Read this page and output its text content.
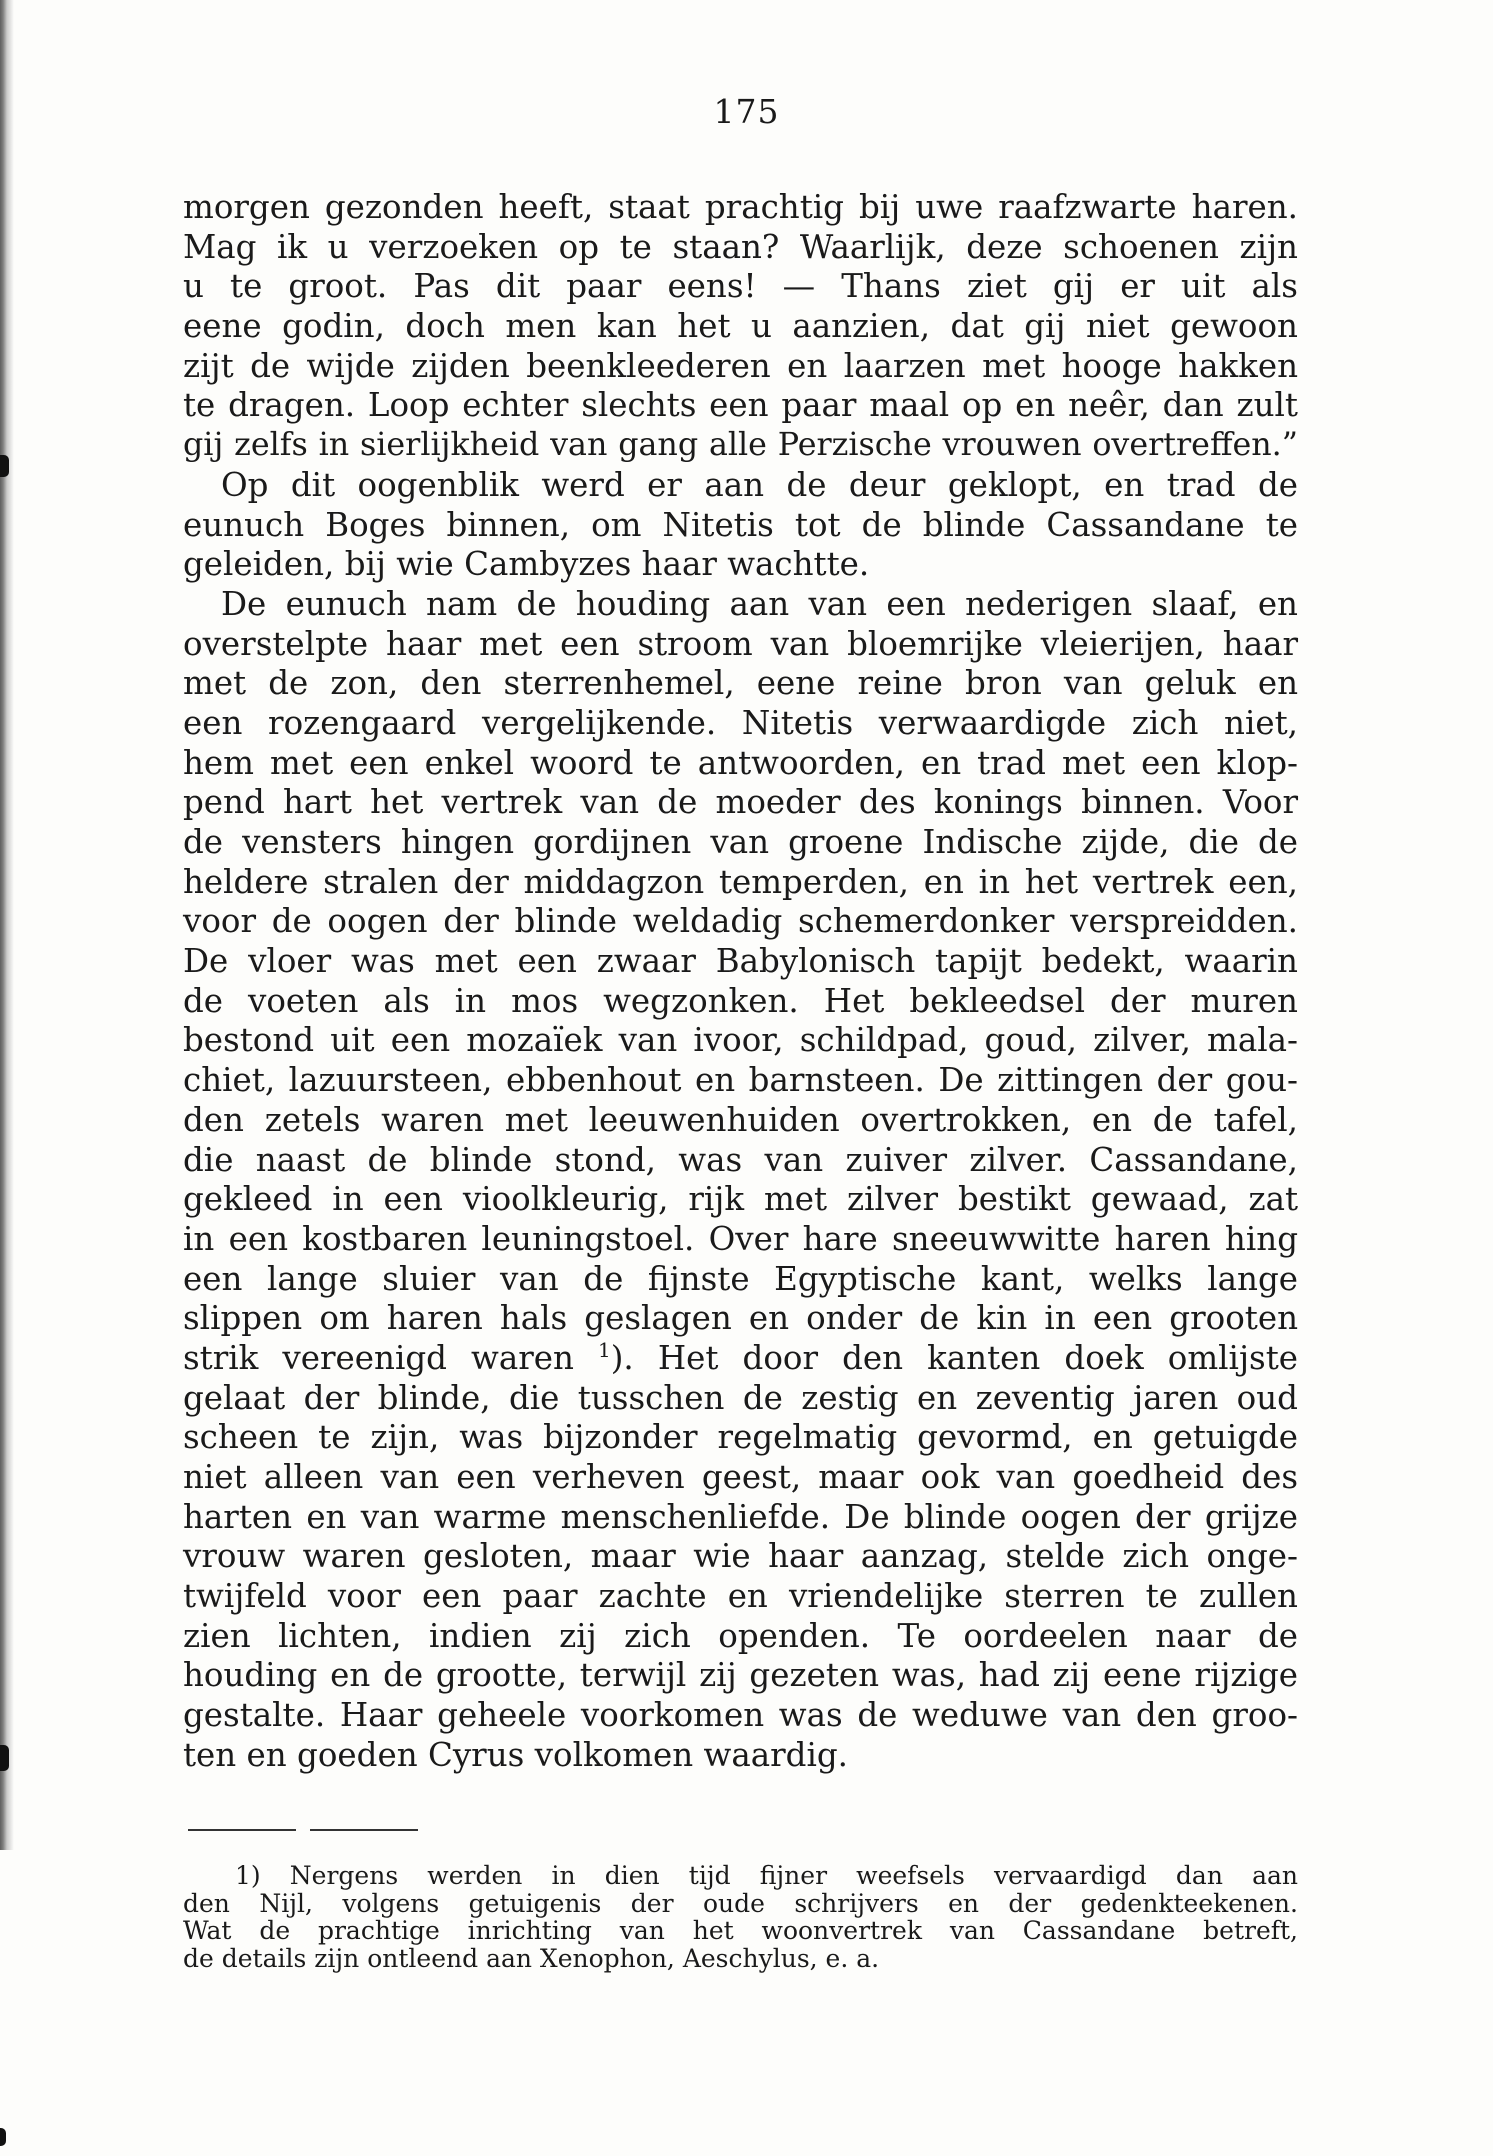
175
morgen gezonden heeft, staat prachtig bij uwe raafzwarte haren.
Mag ik u verzoeken op te staan? Waarlijk, deze schoenen zijn
u te groot. Pas dit paar eens! — Thans ziet gij er uit als
eene godin, doch men kan het u aanzien, dat gij niet gewoon
zijt de wijde zijden beenkleederen en laarzen met hooge hakken
te dragen. Loop echter slechts een paar maal op en neêr, dan zult
gij zelfs in sierlijkheid van gang alle Perzische vrouwen overtreffen.”
Op dit oogenblik werd er aan de deur geklopt, en trad de
eunuch Boges binnen, om Nitetis tot de blinde Cassandane te
geleiden, bij wie Cambyzes haar wachtte.
De eunuch nam de houding aan van een nederigen slaaf, en
overstelpte haar met een stroom van bloemrijke vleierijen, haar
met de zon, den sterrenhemel, eene reine bron van geluk en
een rozengaard vergelijkende. Nitetis verwaardigde zich niet,
hem met een enkel woord te antwoorden, en trad met een klop-
pend hart het vertrek van de moeder des konings binnen. Voor
de vensters hingen gordijnen van groene Indische zijde, die de
heldere stralen der middagzon temperden, en in het vertrek een,
voor de oogen der blinde weldadig schemerdonker verspreidden.
De vloer was met een zwaar Babylonisch tapijt bedekt, waarin
de voeten als in mos wegzonken. Het bekleedsel der muren
bestond uit een mozaïek van ivoor, schildpad, goud, zilver, mala-
chiet, lazuursteen, ebbenhout en barnsteen. De zittingen der gou-
den zetels waren met leeuwenhuiden overtrokken, en de tafel,
die naast de blinde stond, was van zuiver zilver. Cassandane,
gekleed in een vioolkleurig, rijk met zilver bestikt gewaad, zat
in een kostbaren leuningstoel. Over hare sneeuwwitte haren hing
een lange sluier van de fijnste Egyptische kant, welks lange
slippen om haren hals geslagen en onder de kin in een grooten
strik vereenigd waren $^1$). Het door den kanten doek omlijste
gelaat der blinde, die tusschen de zestig en zeventig jaren oud
scheen te zijn, was bijzonder regelmatig gevormd, en getuigde
niet alleen van een verheven geest, maar ook van goedheid des
harten en van warme menschenliefde. De blinde oogen der grijze
vrouw waren gesloten, maar wie haar aanzag, stelde zich onge-
twijfeld voor een paar zachte en vriendelijke sterren te zullen
zien lichten, indien zij zich openden. Te oordeelen naar de
houding en de grootte, terwijl zij gezeten was, had zij eene rijzige
gestalte. Haar geheele voorkomen was de weduwe van den groo-
ten en goeden Cyrus volkomen waardig.
1) Nergens werden in dien tijd fijner weefsels vervaardigd dan aan
den Nijl, volgens getuigenis der oude schrijvers en der gedenkteekenen.
Wat de prachtige inrichting van het woonvertrek van Cassandane betreft,
de details zijn ontleend aan Xenophon, Aeschylus, e. a.
